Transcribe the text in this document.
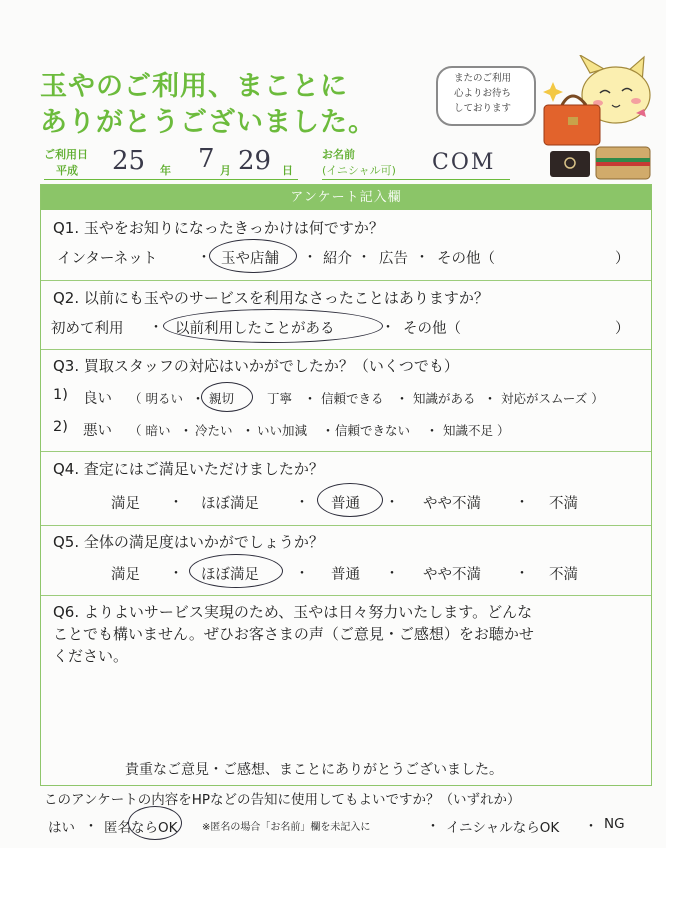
玉やのご利用、まことに
ありがとうございました。
またのご利用
心よりお待ち
しております
ご利用日
平成 25 年 7 月 29 日
お名前
(イニシャル可) COM
アンケート記入欄
Q1. 玉やをお知りになったきっかけは何ですか？
インターネット	・ 玉や店舗 ・ 紹介 ・ 広告 ・ その他（	）
Q2. 以前にも玉やのサービスを利用なさったことはありますか？
初めて利用 ・ 以前利用したことがある	・ その他（	）
Q3. 買取スタッフの対応はいかがでしたか？（いくつでも）
1) 良い （ 明るい ・ 親切	丁寧 ・ 信頼できる ・ 知識がある ・ 対応がスムーズ ）
2) 悪い （ 暗い ・ 冷たい ・ いい加減 ・ 信頼できない ・ 知識不足 ）
Q4. 査定にはご満足いただけましたか？
満足 ・ ほぼ満足	・ 普通 ・ やや不満 ・ 不満
Q5. 全体の満足度はいかがでしょうか？
満足 ・ ほぼ満足	・ 普通 ・ やや不満 ・ 不満
Q6. よりよいサービス実現のため、玉やは日々努力いたします。どんな
ことでも構いません。ぜひお客さまの声（ご意見・ご感想）をお聴かせ
ください。
貴重なご意見・ご感想、まことにありがとうございました。
このアンケートの内容をHPなどの告知に使用してもよいですか？（いずれか）
はい ・ 匿名ならOK ※匿名の場合「お名前」欄を未記入に	・ イニシャルならOK ・ NG
